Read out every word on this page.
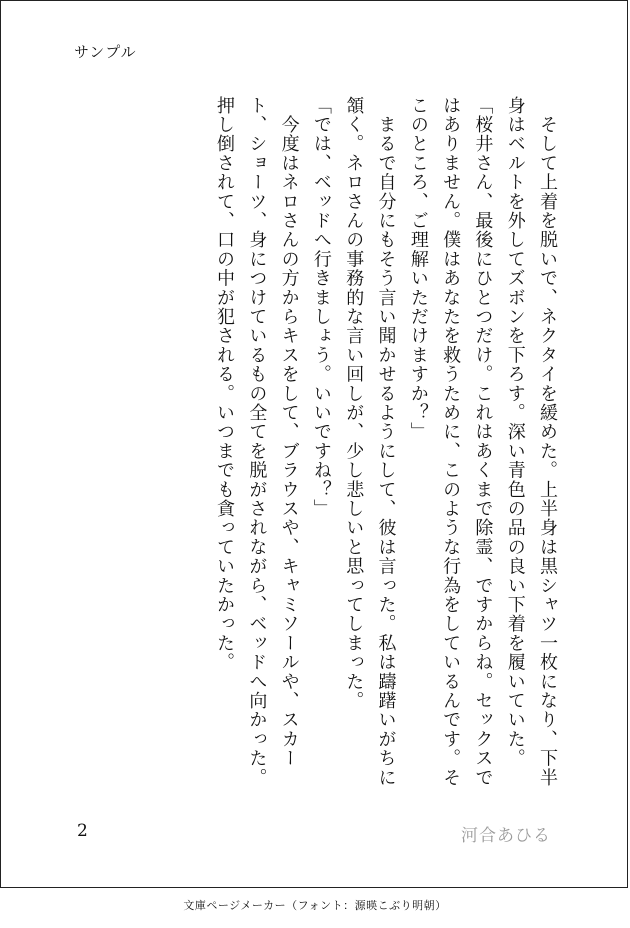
サンプル

　そして上着を脱いで、ネクタイを緩めた。上半身は黒シャツ一枚になり、下半身はベルトを外してズボンを下ろす。深い青色の品の良い下着を履いていた。

「桜井さん、最後にひとつだけ。これはあくまで除霊、ですからね。セックスではありません。僕はあなたを救うために、このような行為をしているんです。そこのところ、ご理解いただけますか？」

　まるで自分にもそう言い聞かせるようにして、彼は言った。私は躊躇いがちに頷く。ネロさんの事務的な言い回しが、少し悲しいと思ってしまった。

「では、ベッドへ行きましょう。いいですね？」

　今度はネロさんの方からキスをして、ブラウスや、キャミソールや、スカート、ショーツ、身につけているもの全てを脱がされながら、ベッドへ向かった。押し倒されて、口の中が犯される。いつまでも貪っていたかった。

2	河合あひる
文庫ページメーカー（フォント：源暎こぶり明朝）
